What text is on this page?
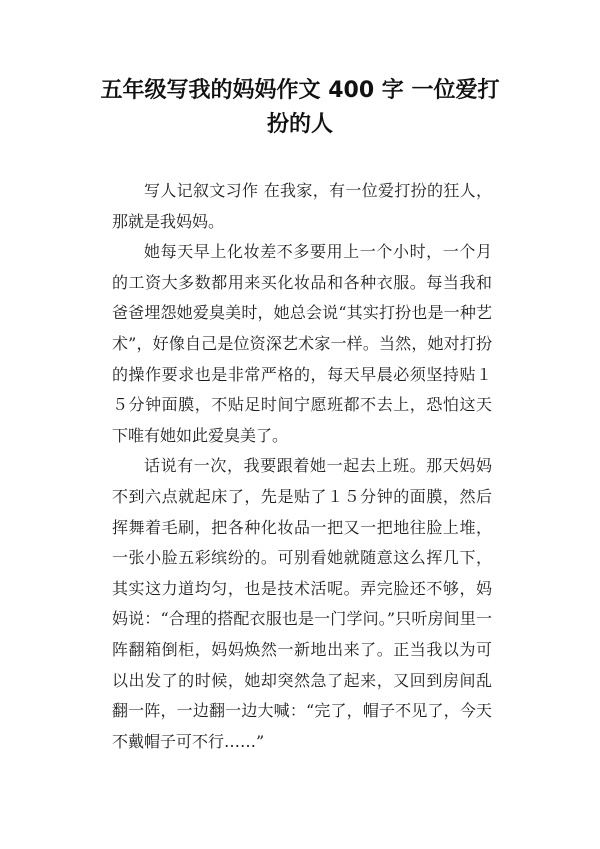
五年级写我的妈妈作文 400 字 一位爱打扮的人

写人记叙文习作 在我家，有一位爱打扮的狂人，那就是我妈妈。

她每天早上化妆差不多要用上一个小时，一个月的工资大多数都用来买化妆品和各种衣服。每当我和爸爸埋怨她爱臭美时，她总会说“其实打扮也是一种艺术”，好像自己是位资深艺术家一样。当然，她对打扮的操作要求也是非常严格的，每天早晨必须坚持贴１５分钟面膜，不贴足时间宁愿班都不去上，恐怕这天下唯有她如此爱臭美了。

话说有一次，我要跟着她一起去上班。那天妈妈不到六点就起床了，先是贴了１５分钟的面膜，然后挥舞着毛刷，把各种化妆品一把又一把地往脸上堆，一张小脸五彩缤纷的。可别看她就随意这么挥几下，其实这力道均匀，也是技术活呢。弄完脸还不够，妈妈说：“合理的搭配衣服也是一门学问。”只听房间里一阵翻箱倒柜，妈妈焕然一新地出来了。正当我以为可以出发了的时候，她却突然急了起来，又回到房间乱翻一阵，一边翻一边大喊：“完了，帽子不见了，今天不戴帽子可不行……”
